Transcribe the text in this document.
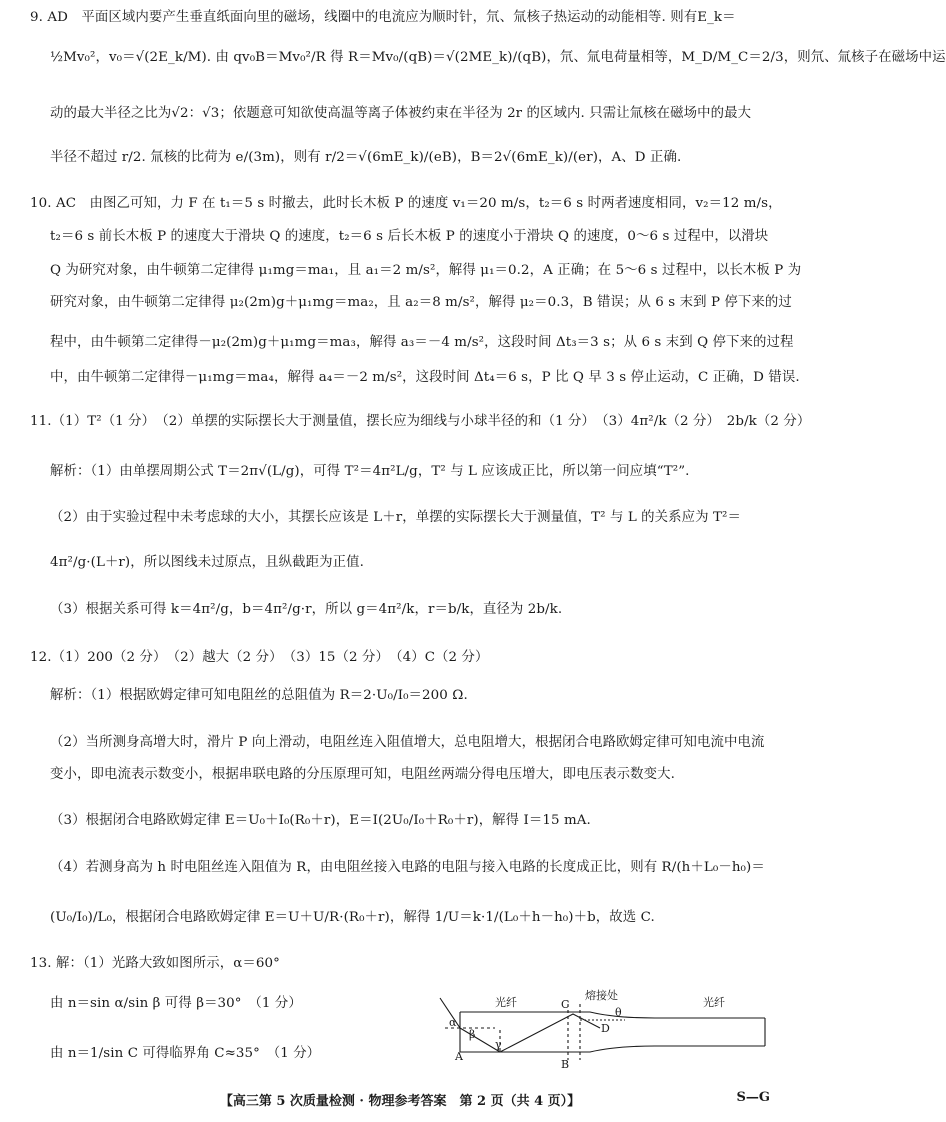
9. AD　平面区域内要产生垂直纸面向里的磁场，线圈中的电流应为顺时针，氘、氚核子热运动的动能相等. 则有E_k＝
½Mv₀²，v₀＝√(2E_k/M). 由 qv₀B＝Mv₀²/R 得 R＝Mv₀/(qB)＝√(2ME_k)/(qB)，氘、氚电荷量相等，M_D/M_C＝2/3，则氘、氚核子在磁场中运
动的最大半径之比为√2：√3；依题意可知欲使高温等离子体被约束在半径为 2r 的区域内. 只需让氚核在磁场中的最大
半径不超过 r/2. 氚核的比荷为 e/(3m)，则有 r/2＝√(6mE_k)/(eB)，B＝2√(6mE_k)/(er)，A、D 正确.
10. AC　由图乙可知，力 F 在 t₁＝5 s 时撤去，此时长木板 P 的速度 v₁＝20 m/s，t₂＝6 s 时两者速度相同，v₂＝12 m/s，
t₂＝6 s 前长木板 P 的速度大于滑块 Q 的速度，t₂＝6 s 后长木板 P 的速度小于滑块 Q 的速度，0～6 s 过程中，以滑块
Q 为研究对象，由牛顿第二定律得 μ₁mg＝ma₁，且 a₁＝2 m/s²，解得 μ₁＝0.2，A 正确；在 5～6 s 过程中，以长木板 P 为
研究对象，由牛顿第二定律得 μ₂(2m)g＋μ₁mg＝ma₂，且 a₂＝8 m/s²，解得 μ₂＝0.3，B 错误；从 6 s 末到 P 停下来的过
程中，由牛顿第二定律得－μ₂(2m)g＋μ₁mg＝ma₃，解得 a₃＝－4 m/s²，这段时间 Δt₃＝3 s；从 6 s 末到 Q 停下来的过程
中，由牛顿第二定律得－μ₁mg＝ma₄，解得 a₄＝－2 m/s²，这段时间 Δt₄＝6 s，P 比 Q 早 3 s 停止运动，C 正确，D 错误.
11.（1）T²（1 分）　（2）单摆的实际摆长大于测量值，摆长应为细线与小球半径的和（1 分）　（3）4π²/k（2 分）　2b/k（2 分）
解析：（1）由单摆周期公式 T＝2π√(L/g)，可得 T²＝4π²L/g，T² 与 L 应该成正比，所以第一问应填“T²”.
（2）由于实验过程中未考虑球的大小，其摆长应该是 L＋r，单摆的实际摆长大于测量值，T² 与 L 的关系应为 T²＝
4π²/g·(L＋r)，所以图线未过原点，且纵截距为正值.
（3）根据关系可得 k＝4π²/g，b＝4π²/g·r，所以 g＝4π²/k，r＝b/k，直径为 2b/k.
12.（1）200（2 分）　（2）越大（2 分）　（3）15（2 分）　（4）C（2 分）
解析：（1）根据欧姆定律可知电阻丝的总阻值为 R＝2·U₀/I₀＝200 Ω.
（2）当所测身高增大时，滑片 P 向上滑动，电阻丝连入阻值增大，总电阻增大，根据闭合电路欧姆定律可知电流中电流
变小，即电流表示数变小，根据串联电路的分压原理可知，电阻丝两端分得电压增大，即电压表示数变大.
（3）根据闭合电路欧姆定律 E＝U₀＋I₀(R₀＋r)，E＝I(2U₀/I₀＋R₀＋r)，解得 I＝15 mA.
（4）若测身高为 h 时电阻丝连入阻值为 R，由电阻丝接入电路的电阻与接入电路的长度成正比，则有 R/(h＋L₀－h₀)＝
(U₀/I₀)/L₀，根据闭合电路欧姆定律 E＝U＋U/R·(R₀＋r)，解得 1/U＝k·1/(L₀＋h－h₀)＋b，故选 C.
13. 解：（1）光路大致如图所示，α＝60°
由 n＝sin α/sin β 可得 β＝30°　（1 分）
由 n＝1/sin C 可得临界角 C≈35°　（1 分）
光纤	光纤
熔接处
C
D
A
B
θ
α
β
γ
【高三第 5 次质量检测 · 物理参考答案　第 2 页（共 4 页）】	S—G
